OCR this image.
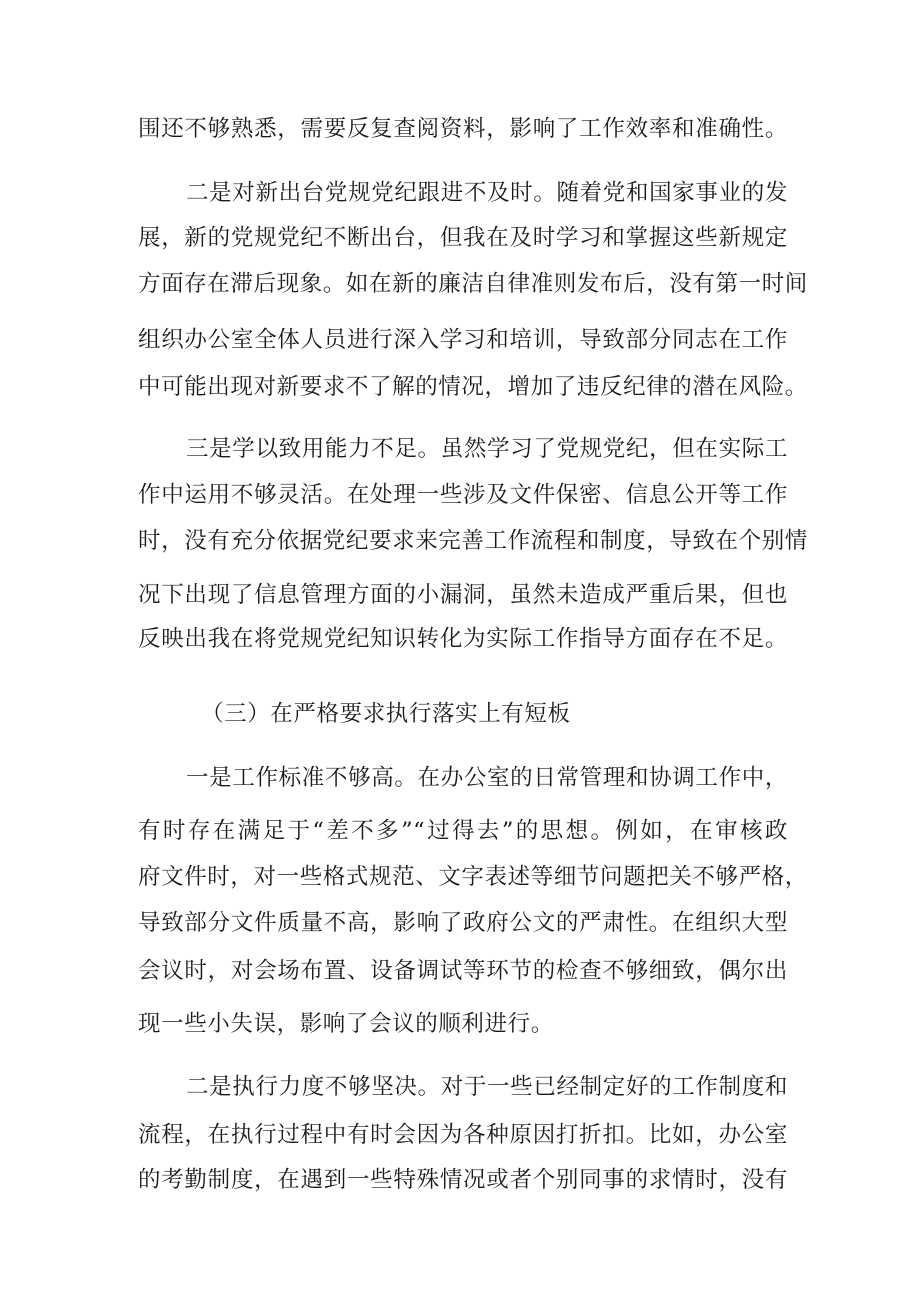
围还不够熟悉，需要反复查阅资料，影响了工作效率和准确性。
二是对新出台党规党纪跟进不及时。随着党和国家事业的发
展，新的党规党纪不断出台，但我在及时学习和掌握这些新规定
方面存在滞后现象。如在新的廉洁自律准则发布后，没有第一时间
组织办公室全体人员进行深入学习和培训，导致部分同志在工作
中可能出现对新要求不了解的情况，增加了违反纪律的潜在风险。
三是学以致用能力不足。虽然学习了党规党纪，但在实际工
作中运用不够灵活。在处理一些涉及文件保密、信息公开等工作
时，没有充分依据党纪要求来完善工作流程和制度，导致在个别情
况下出现了信息管理方面的小漏洞，虽然未造成严重后果，但也
反映出我在将党规党纪知识转化为实际工作指导方面存在不足。
（三）在严格要求执行落实上有短板
一是工作标准不够高。在办公室的日常管理和协调工作中，
有时存在满足于“差不多”“过得去”的思想。例如，在审核政
府文件时，对一些格式规范、文字表述等细节问题把关不够严格，
导致部分文件质量不高，影响了政府公文的严肃性。在组织大型
会议时，对会场布置、设备调试等环节的检查不够细致，偶尔出
现一些小失误，影响了会议的顺利进行。
二是执行力度不够坚决。对于一些已经制定好的工作制度和
流程，在执行过程中有时会因为各种原因打折扣。比如，办公室
的考勤制度，在遇到一些特殊情况或者个别同事的求情时，没有
